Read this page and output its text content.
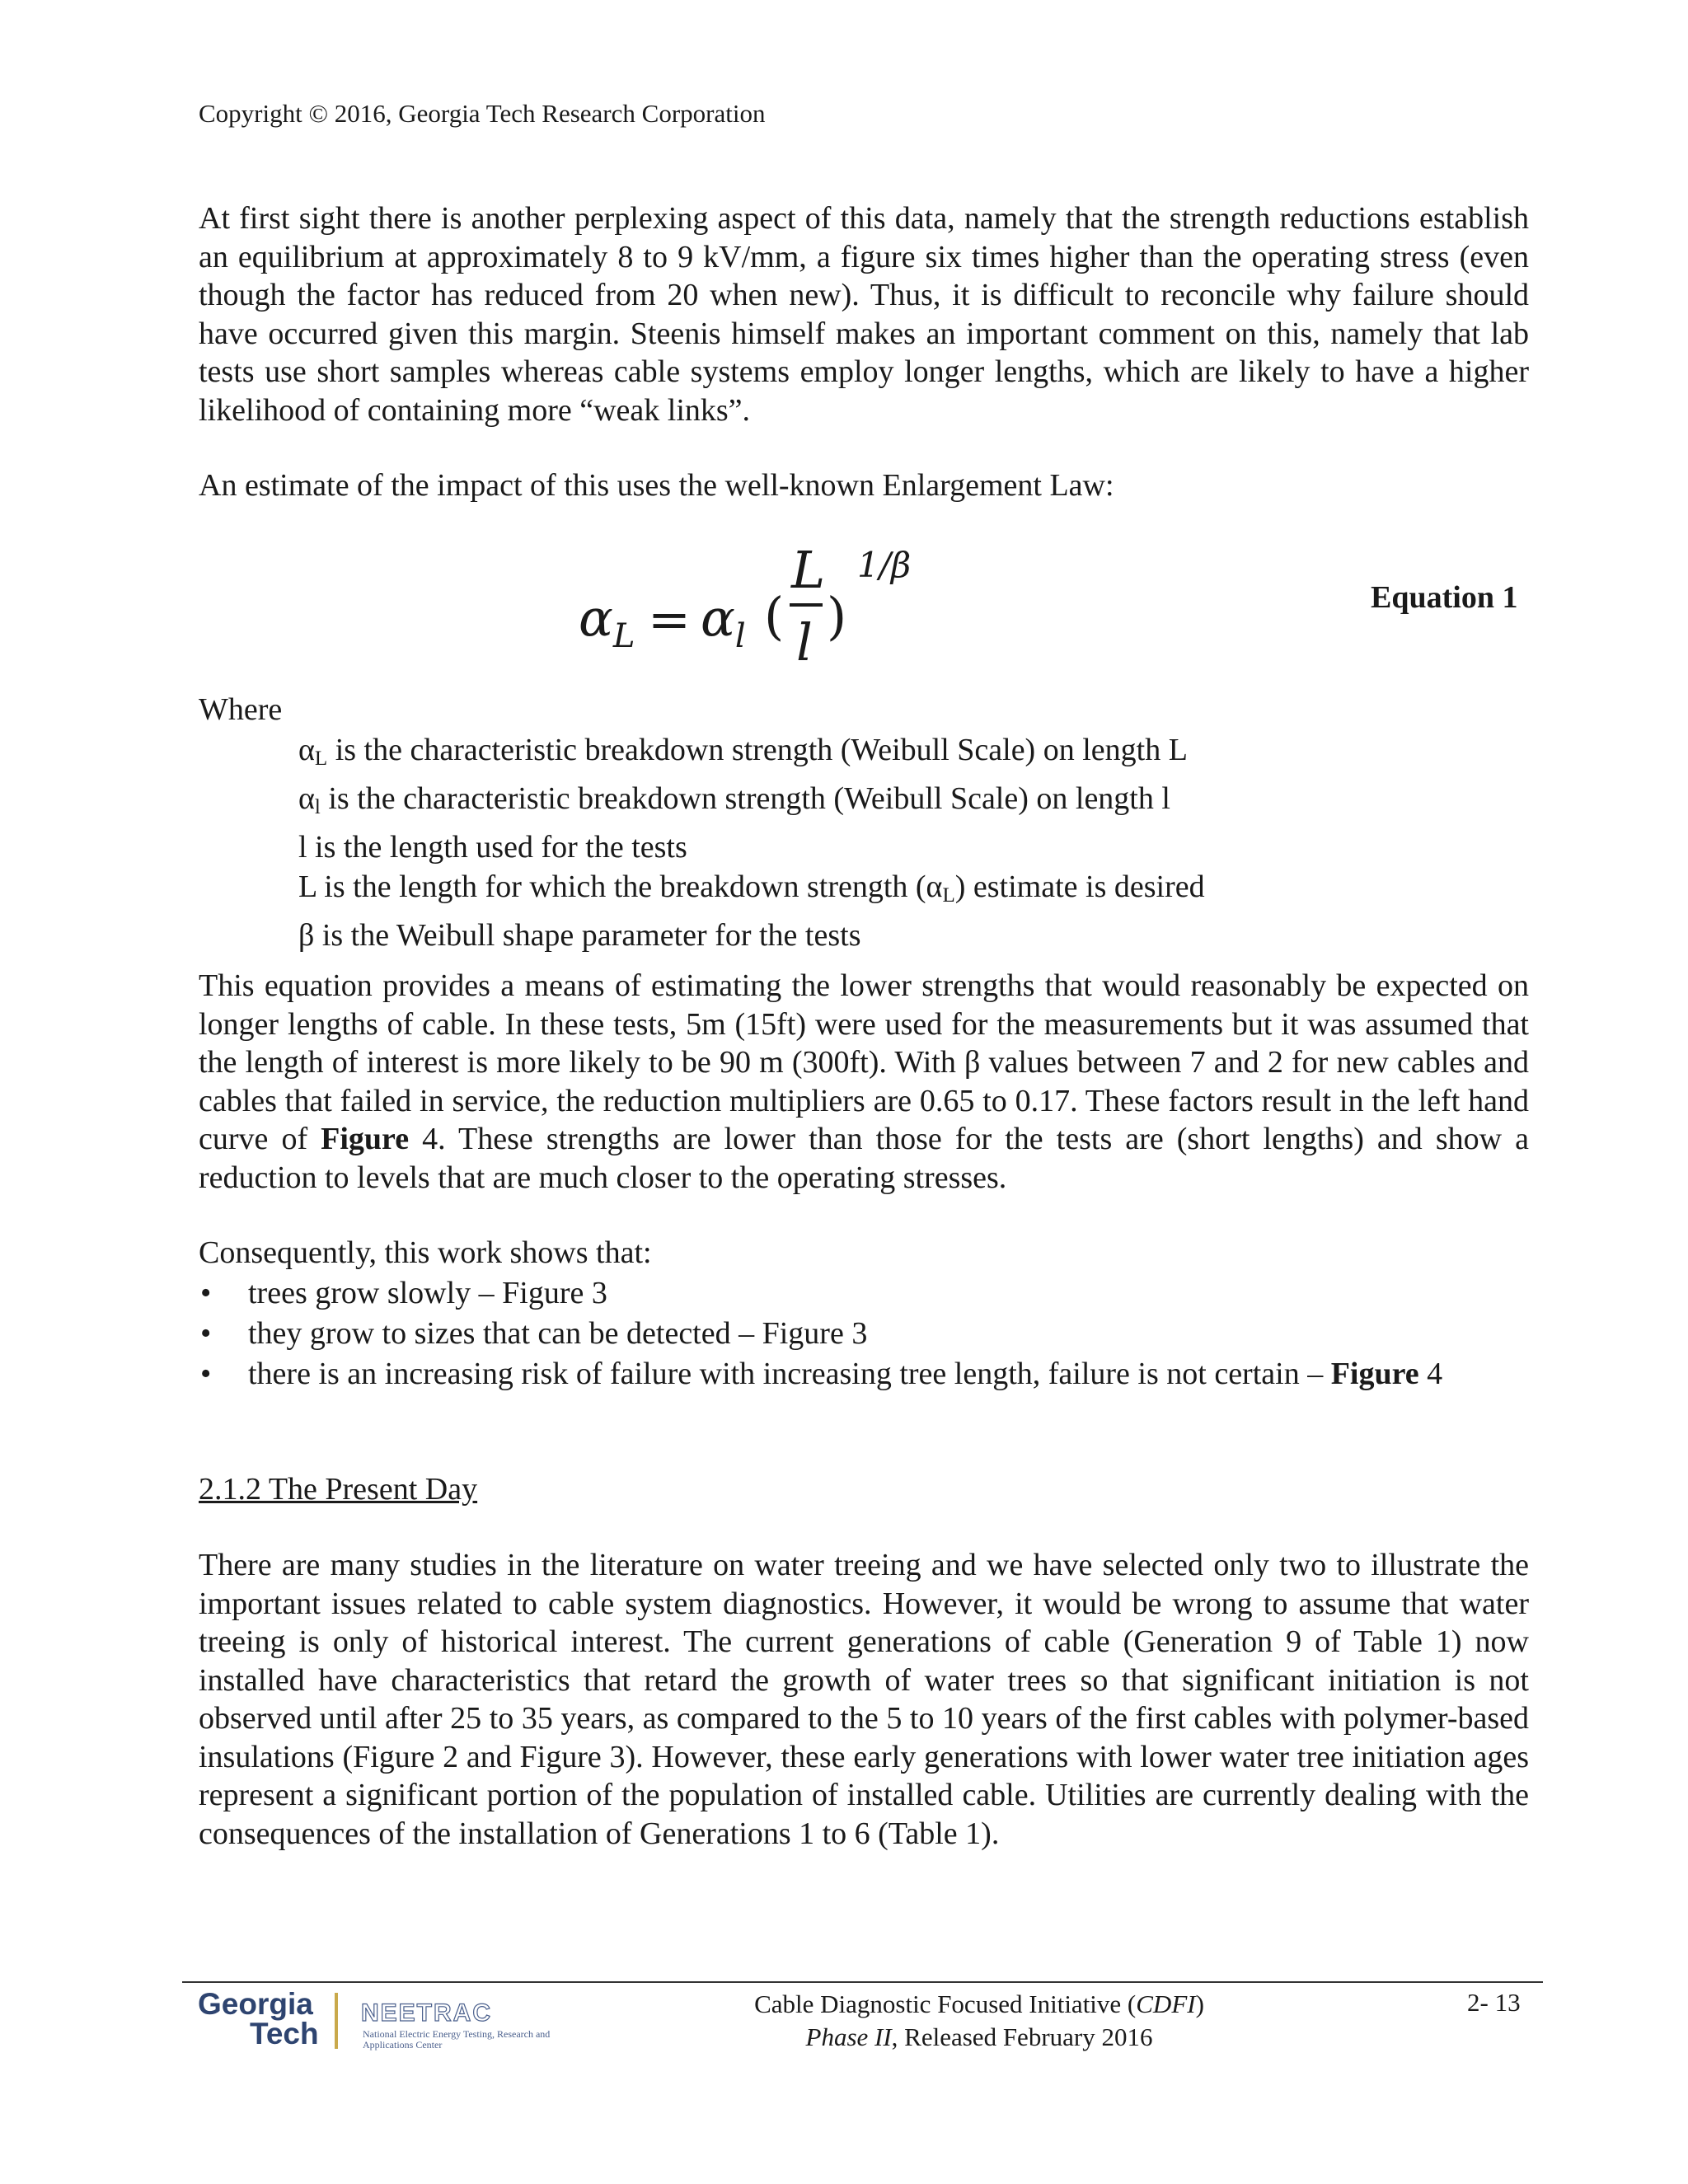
Copyright © 2016, Georgia Tech Research Corporation

At first sight there is another perplexing aspect of this data, namely that the strength reductions establish an equilibrium at approximately 8 to 9 kV/mm, a figure six times higher than the operating stress (even though the factor has reduced from 20 when new). Thus, it is difficult to reconcile why failure should have occurred given this margin. Steenis himself makes an important comment on this, namely that lab tests use short samples whereas cable systems employ longer lengths, which are likely to have a higher likelihood of containing more “weak links”.

An estimate of the impact of this uses the well-known Enlargement Law:

$\alpha_L = \alpha_l$ (
L
l )
1/β
Equation 1
Where
αL is the characteristic breakdown strength (Weibull Scale) on length L
αl is the characteristic breakdown strength (Weibull Scale) on length l
l is the length used for the tests
L is the length for which the breakdown strength (αL) estimate is desired
β is the Weibull shape parameter for the tests

This equation provides a means of estimating the lower strengths that would reasonably be expected on longer lengths of cable. In these tests, 5m (15ft) were used for the measurements but it was assumed that the length of interest is more likely to be 90 m (300ft). With β values between 7 and 2 for new cables and cables that failed in service, the reduction multipliers are 0.65 to 0.17. These factors result in the left hand curve of Figure 4. These strengths are lower than those for the tests are (short lengths) and show a reduction to levels that are much closer to the operating stresses.

Consequently, this work shows that:

• trees grow slowly – Figure 3
• they grow to sizes that can be detected – Figure 3
• there is an increasing risk of failure with increasing tree length, failure is not certain – Figure 4
2.1.2 The Present Day

There are many studies in the literature on water treeing and we have selected only two to illustrate the important issues related to cable system diagnostics. However, it would be wrong to assume that water treeing is only of historical interest. The current generations of cable (Generation 9 of Table 1) now installed have characteristics that retard the growth of water trees so that significant initiation is not observed until after 25 to 35 years, as compared to the 5 to 10 years of the first cables with polymer-based insulations (Figure 2 and Figure 3). However, these early generations with lower water tree initiation ages represent a significant portion of the population of installed cable. Utilities are currently dealing with the consequences of the installation of Generations 1 to 6 (Table 1).

Georgia
Tech
NEETRAC
National Electric Energy Testing, Research and Applications Center
Cable Diagnostic Focused Initiative (CDFI)
Phase II, Released February 2016
2- 13
